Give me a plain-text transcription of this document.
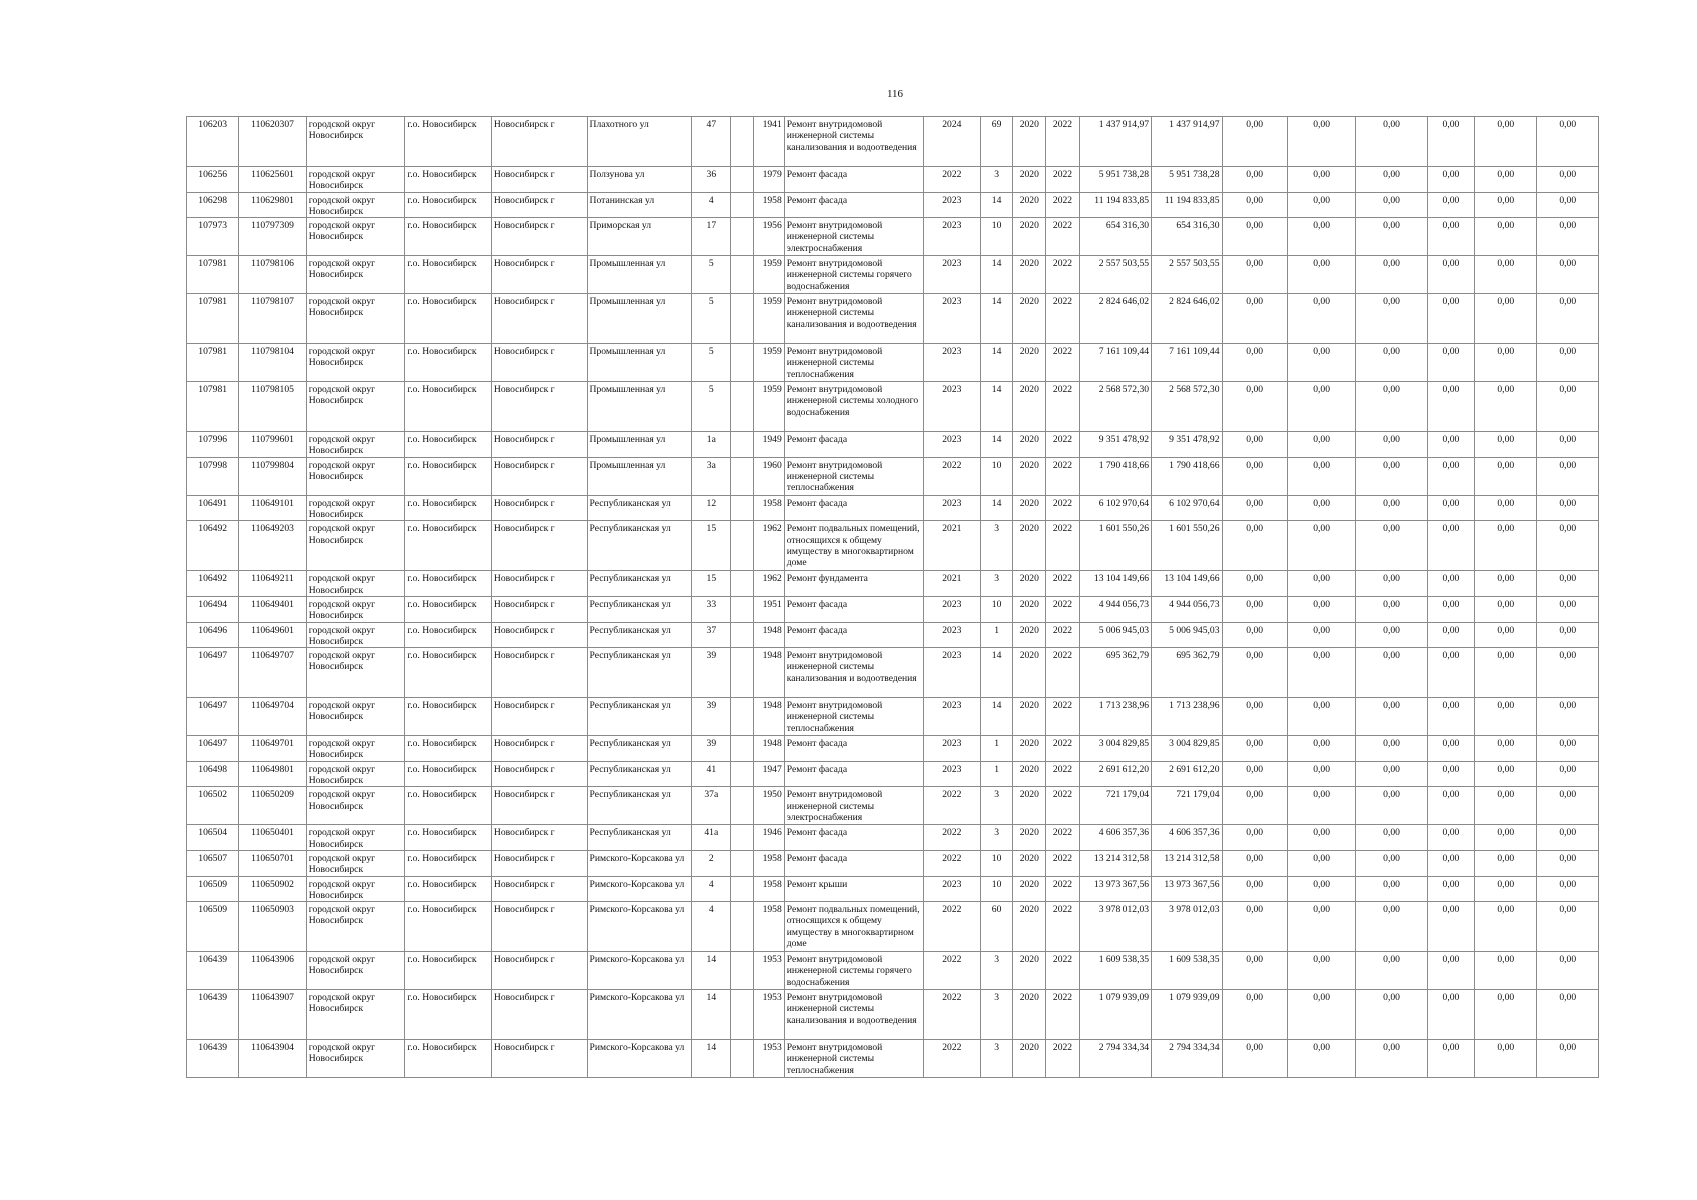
116
106203	110620307	городской округ Новосибирск	г.о. Новосибирск	Новосибирск г	Плахотного ул	47		1941	Ремонт внутридомовой инженерной системы канализования и водоотведения	2024	69	2020	2022	1 437 914,97	1 437 914,97	0,00	0,00	0,00	0,00	0,00	0,00
106256	110625601	городской округ Новосибирск	г.о. Новосибирск	Новосибирск г	Ползунова ул	36		1979	Ремонт фасада	2022	3	2020	2022	5 951 738,28	5 951 738,28	0,00	0,00	0,00	0,00	0,00	0,00
106298	110629801	городской округ Новосибирск	г.о. Новосибирск	Новосибирск г	Потанинская ул	4		1958	Ремонт фасада	2023	14	2020	2022	11 194 833,85	11 194 833,85	0,00	0,00	0,00	0,00	0,00	0,00
107973	110797309	городской округ Новосибирск	г.о. Новосибирск	Новосибирск г	Приморская ул	17		1956	Ремонт внутридомовой инженерной системы электроснабжения	2023	10	2020	2022	654 316,30	654 316,30	0,00	0,00	0,00	0,00	0,00	0,00
107981	110798106	городской округ Новосибирск	г.о. Новосибирск	Новосибирск г	Промышленная ул	5		1959	Ремонт внутридомовой инженерной системы горячего водоснабжения	2023	14	2020	2022	2 557 503,55	2 557 503,55	0,00	0,00	0,00	0,00	0,00	0,00
107981	110798107	городской округ Новосибирск	г.о. Новосибирск	Новосибирск г	Промышленная ул	5		1959	Ремонт внутридомовой инженерной системы канализования и водоотведения	2023	14	2020	2022	2 824 646,02	2 824 646,02	0,00	0,00	0,00	0,00	0,00	0,00
107981	110798104	городской округ Новосибирск	г.о. Новосибирск	Новосибирск г	Промышленная ул	5		1959	Ремонт внутридомовой инженерной системы теплоснабжения	2023	14	2020	2022	7 161 109,44	7 161 109,44	0,00	0,00	0,00	0,00	0,00	0,00
107981	110798105	городской округ Новосибирск	г.о. Новосибирск	Новосибирск г	Промышленная ул	5		1959	Ремонт внутридомовой инженерной системы холодного водоснабжения	2023	14	2020	2022	2 568 572,30	2 568 572,30	0,00	0,00	0,00	0,00	0,00	0,00
107996	110799601	городской округ Новосибирск	г.о. Новосибирск	Новосибирск г	Промышленная ул	1а		1949	Ремонт фасада	2023	14	2020	2022	9 351 478,92	9 351 478,92	0,00	0,00	0,00	0,00	0,00	0,00
107998	110799804	городской округ Новосибирск	г.о. Новосибирск	Новосибирск г	Промышленная ул	3а		1960	Ремонт внутридомовой инженерной системы теплоснабжения	2022	10	2020	2022	1 790 418,66	1 790 418,66	0,00	0,00	0,00	0,00	0,00	0,00
106491	110649101	городской округ Новосибирск	г.о. Новосибирск	Новосибирск г	Республиканская ул	12		1958	Ремонт фасада	2023	14	2020	2022	6 102 970,64	6 102 970,64	0,00	0,00	0,00	0,00	0,00	0,00
106492	110649203	городской округ Новосибирск	г.о. Новосибирск	Новосибирск г	Республиканская ул	15		1962	Ремонт подвальных помещений, относящихся к общему имуществу в многоквартирном доме	2021	3	2020	2022	1 601 550,26	1 601 550,26	0,00	0,00	0,00	0,00	0,00	0,00
106492	110649211	городской округ Новосибирск	г.о. Новосибирск	Новосибирск г	Республиканская ул	15		1962	Ремонт фундамента	2021	3	2020	2022	13 104 149,66	13 104 149,66	0,00	0,00	0,00	0,00	0,00	0,00
106494	110649401	городской округ Новосибирск	г.о. Новосибирск	Новосибирск г	Республиканская ул	33		1951	Ремонт фасада	2023	10	2020	2022	4 944 056,73	4 944 056,73	0,00	0,00	0,00	0,00	0,00	0,00
106496	110649601	городской округ Новосибирск	г.о. Новосибирск	Новосибирск г	Республиканская ул	37		1948	Ремонт фасада	2023	1	2020	2022	5 006 945,03	5 006 945,03	0,00	0,00	0,00	0,00	0,00	0,00
106497	110649707	городской округ Новосибирск	г.о. Новосибирск	Новосибирск г	Республиканская ул	39		1948	Ремонт внутридомовой инженерной системы канализования и водоотведения	2023	14	2020	2022	695 362,79	695 362,79	0,00	0,00	0,00	0,00	0,00	0,00
106497	110649704	городской округ Новосибирск	г.о. Новосибирск	Новосибирск г	Республиканская ул	39		1948	Ремонт внутридомовой инженерной системы теплоснабжения	2023	14	2020	2022	1 713 238,96	1 713 238,96	0,00	0,00	0,00	0,00	0,00	0,00
106497	110649701	городской округ Новосибирск	г.о. Новосибирск	Новосибирск г	Республиканская ул	39		1948	Ремонт фасада	2023	1	2020	2022	3 004 829,85	3 004 829,85	0,00	0,00	0,00	0,00	0,00	0,00
106498	110649801	городской округ Новосибирск	г.о. Новосибирск	Новосибирск г	Республиканская ул	41		1947	Ремонт фасада	2023	1	2020	2022	2 691 612,20	2 691 612,20	0,00	0,00	0,00	0,00	0,00	0,00
106502	110650209	городской округ Новосибирск	г.о. Новосибирск	Новосибирск г	Республиканская ул	37а		1950	Ремонт внутридомовой инженерной системы электроснабжения	2022	3	2020	2022	721 179,04	721 179,04	0,00	0,00	0,00	0,00	0,00	0,00
106504	110650401	городской округ Новосибирск	г.о. Новосибирск	Новосибирск г	Республиканская ул	41а		1946	Ремонт фасада	2022	3	2020	2022	4 606 357,36	4 606 357,36	0,00	0,00	0,00	0,00	0,00	0,00
106507	110650701	городской округ Новосибирск	г.о. Новосибирск	Новосибирск г	Римского-Корсакова ул	2		1958	Ремонт фасада	2022	10	2020	2022	13 214 312,58	13 214 312,58	0,00	0,00	0,00	0,00	0,00	0,00
106509	110650902	городской округ Новосибирск	г.о. Новосибирск	Новосибирск г	Римского-Корсакова ул	4		1958	Ремонт крыши	2023	10	2020	2022	13 973 367,56	13 973 367,56	0,00	0,00	0,00	0,00	0,00	0,00
106509	110650903	городской округ Новосибирск	г.о. Новосибирск	Новосибирск г	Римского-Корсакова ул	4		1958	Ремонт подвальных помещений, относящихся к общему имуществу в многоквартирном доме	2022	60	2020	2022	3 978 012,03	3 978 012,03	0,00	0,00	0,00	0,00	0,00	0,00
106439	110643906	городской округ Новосибирск	г.о. Новосибирск	Новосибирск г	Римского-Корсакова ул	14		1953	Ремонт внутридомовой инженерной системы горячего водоснабжения	2022	3	2020	2022	1 609 538,35	1 609 538,35	0,00	0,00	0,00	0,00	0,00	0,00
106439	110643907	городской округ Новосибирск	г.о. Новосибирск	Новосибирск г	Римского-Корсакова ул	14		1953	Ремонт внутридомовой инженерной системы канализования и водоотведения	2022	3	2020	2022	1 079 939,09	1 079 939,09	0,00	0,00	0,00	0,00	0,00	0,00
106439	110643904	городской округ Новосибирск	г.о. Новосибирск	Новосибирск г	Римского-Корсакова ул	14		1953	Ремонт внутридомовой инженерной системы теплоснабжения	2022	3	2020	2022	2 794 334,34	2 794 334,34	0,00	0,00	0,00	0,00	0,00	0,00
